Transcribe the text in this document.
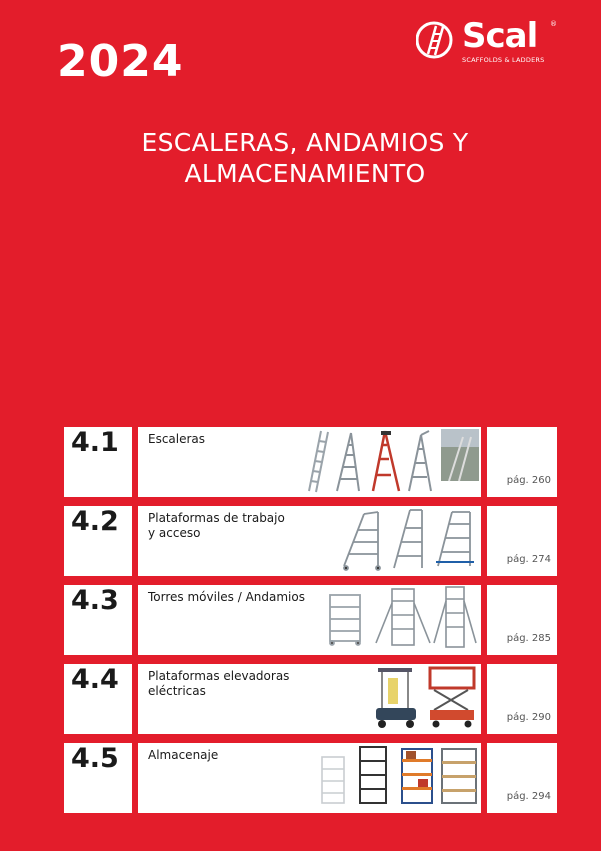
2024	Scal ®
SCAFFOLDS & LADDERS
ESCALERAS, ANDAMIOS Y
ALMACENAMIENTO
4.1 Escaleras
pág. 260
4.2 Plataformas de trabajo
y acceso
pág. 274
4.3 Torres móviles / Andamios
pág. 285
4.4 Plataformas elevadoras
eléctricas
pág. 290
4.5 Almacenaje
pág. 294
